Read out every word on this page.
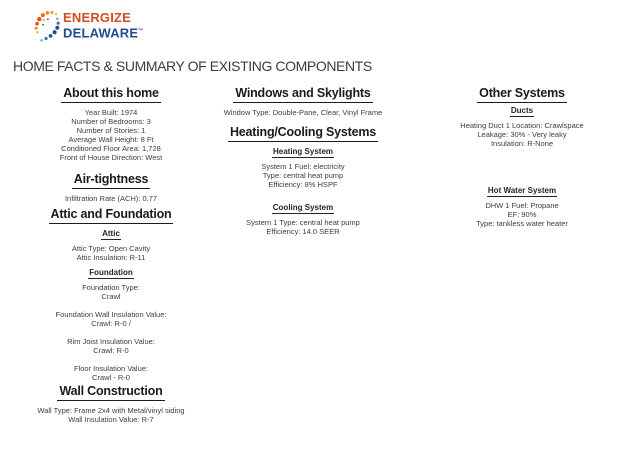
ENERGIZE
DELAWARE™
HOME FACTS & SUMMARY OF EXISTING COMPONENTS
About this home
Year Built: 1974
Number of Bedrooms: 3
Number of Stories: 1
Average Wall Height: 8 Ft
Conditioned Floor Area: 1,728
Front of House Direction: West
Air-tightness
Infiltration Rate (ACH): 0.77
Attic and Foundation
Attic
Attic Type: Open Cavity
Attic Insulation: R-11
Foundation
Foundation Type:
Crawl
Foundation Wall Insulation Value:
Crawl: R-0 /
Rim Joist Insulation Value:
Crawl: R-0
Floor Insulation Value:
Crawl - R-0
Wall Construction
Wall Type: Frame 2x4 with Metal/vinyl siding
Wall Insulation Value: R-7
Windows and Skylights
Window Type: Double-Pane, Clear, Vinyl Frame
Heating/Cooling Systems
Heating System
System 1 Fuel: electricity
Type: central heat pump
Efficiency: 8% HSPF
Cooling System
System 1 Type: central heat pump
Efficiency: 14.0 SEER
Other Systems
Ducts
Heating Duct 1 Location: Crawlspace
Leakage: 30% - Very leaky
Insulation: R-None
Hot Water System
DHW 1 Fuel: Propane
EF: 90%
Type: tankless water heater
